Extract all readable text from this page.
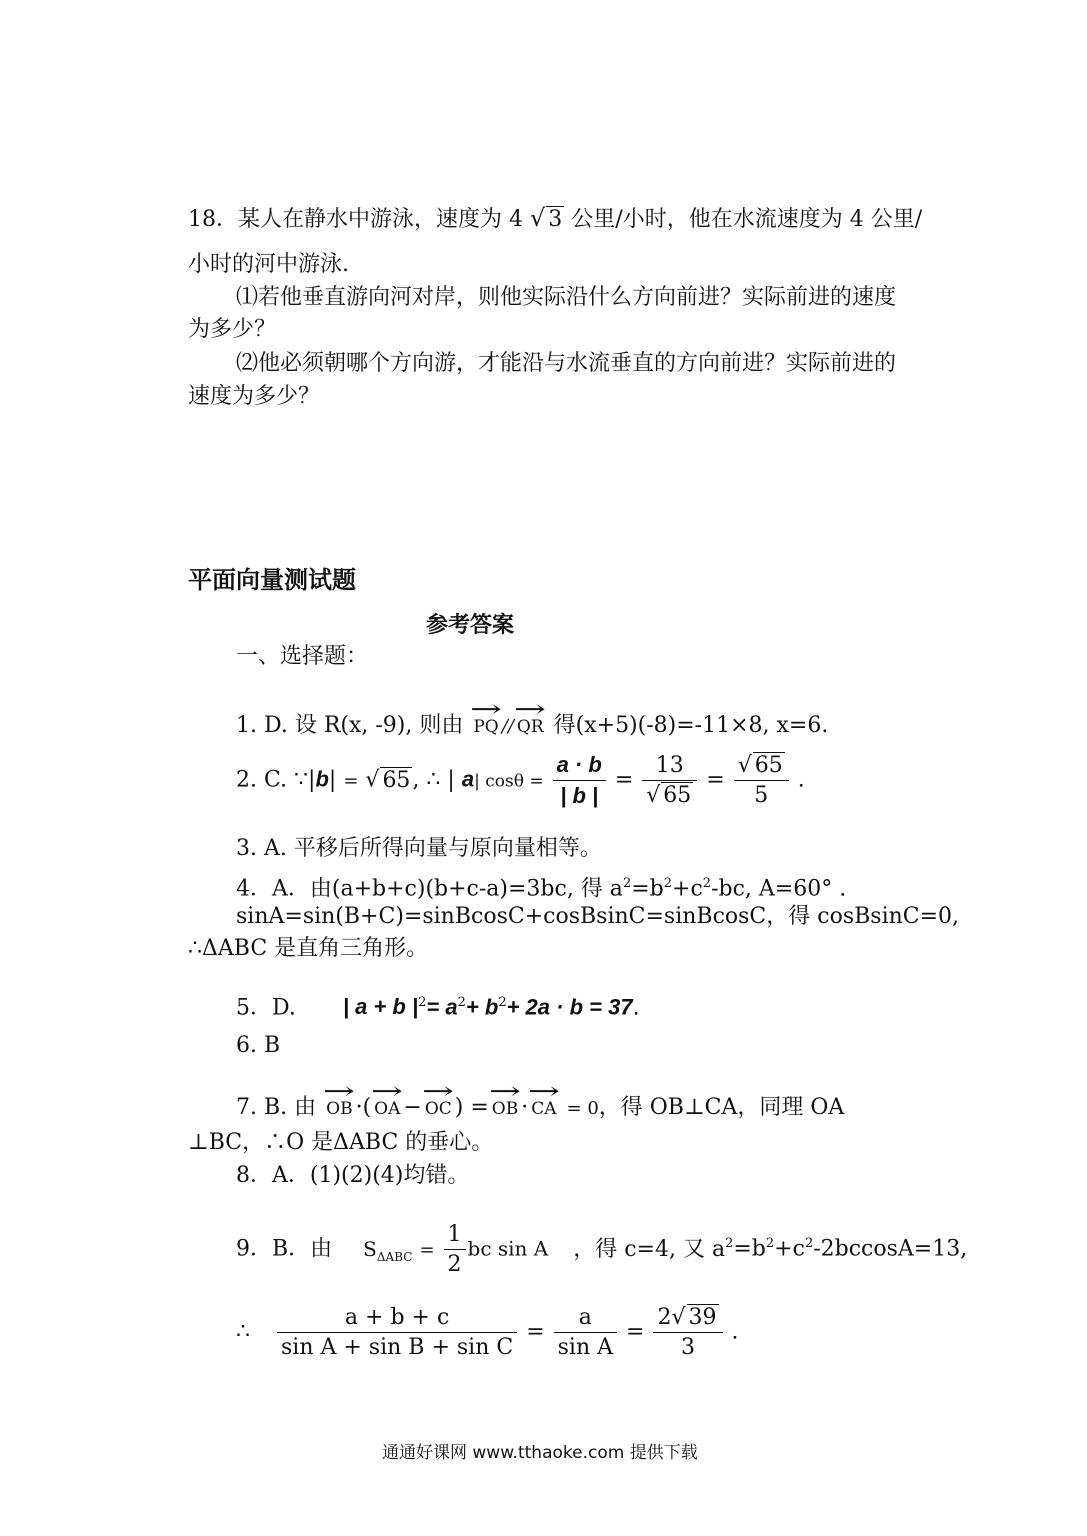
18．某人在静水中游泳，速度为 4 √ 3 公里/小时，他在水流速度为 4 公里/
小时的河中游泳.
⑴若他垂直游向河对岸，则他实际沿什么方向前进？实际前进的速度
为多少？
⑵他必须朝哪个方向游，才能沿与水流垂直的方向前进？实际前进的
速度为多少？
平面向量测试题
参考答案
一、选择题：
1. D. 设 R(x, -9), 则由 → PQ // → QR 得(x+5)(-8)=-11×8, x=6.
2. C. ∵|b| = √ 65, ∴ | a| $\cos\theta = \frac{a \cdot b}{| b |} = \frac{13}{√ 65} = \frac{√ 65}{5}$ .
3. A. 平移后所得向量与原向量相等。
4．A．由(a+b+c)(b+c-a)=3bc, 得 $a^2=b^2+c^2-bc$, A=60° .
sinA=sin(B+C)=sinBcosC+cosBsinC=sinBcosC，得 cosBsinC=0,
∴ΔABC 是直角三角形。
5．D. | a + b $|^2= a^2+ b^2+ 2a \cdot b = 37$.
6. B
7. B. 由 → OB ·( → OA − → OC ) = → OB · → CA = 0，得 OB⊥CA，同理 OA
⊥BC，∴O 是ΔABC 的垂心。
8．A．(1)(2)(4)均错。
9．B．由 $S_{\Delta ABC} = \frac{1}{2}$ bc sin A ，得 c=4, 又 $a^2=b^2+c^2-2bccosA=13$,
∴ $\frac{a + b + c}{\text{sin A + sin B + sin C}} = \frac{a}{\text{sin A}} = \frac{2√ 39}{3}$ .
通通好课网 www.tthaoke.com 提供下载
